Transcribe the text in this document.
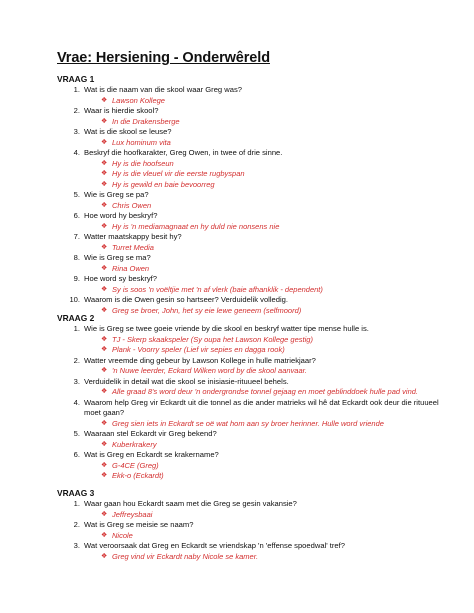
Vrae: Hersiening - Onderwêreld
VRAAG 1
1. Wat is die naam van die skool waar Greg was?
❖ Lawson Kollege
2. Waar is hierdie skool?
❖ In die Drakensberge
3. Wat is die skool se leuse?
❖ Lux hominum vita
4. Beskryf die hoofkarakter, Greg Owen, in twee of drie sinne.
❖ Hy is die hoofseun
❖ Hy is die vleuel vir die eerste rugbyspan
❖ Hy is gewild en baie bevoorreg
5. Wie is Greg se pa?
❖ Chris Owen
6. Hoe word hy beskryf?
❖ Hy is 'n mediamagnaat en hy duld nie nonsens nie
7. Watter maatskappy besit hy?
❖ Turret Media
8. Wie is Greg se ma?
❖ Rina Owen
9. Hoe word sy beskryf?
❖ Sy is soos 'n voëltjie met 'n af vlerk (baie afhanklik - dependent)
10. Waarom is die Owen gesin so hartseer? Verduidelik volledig.
❖ Greg se broer, John, het sy eie lewe geneem (selfmoord)
VRAAG 2
1. Wie is Greg se twee goeie vriende by die skool en beskryf watter tipe mense hulle is.
❖ TJ - Skerp skaakspeler (Sy oupa het Lawson Kollege gestig)
❖ Plank - Voorry speler (Lief vir sepies en dagga rook)
2. Watter vreemde ding gebeur by Lawson Kollege in hulle matriekjaar?
❖ 'n Nuwe leerder, Eckard Wilken word by die skool aanvaar.
3. Verduidelik in detail wat die skool se inisiasie-rituueel behels.
❖ Alle graad 8's word deur 'n ondergrondse tonnel gejaag en moet geblinddoek hulle pad vind.
4. Waarom help Greg vir Eckardt uit die tonnel as die ander matrieks wil hê dat Eckardt ook deur die rituueel moet gaan?
❖ Greg sien iets in Eckardt se oë wat hom aan sy broer herinner. Hulle word vriende
5. Waaraan stel Eckardt vir Greg bekend?
❖ Kuberkrakery
6. Wat is Greg en Eckardt se krakername?
❖ G-4CE (Greg)
❖ Ekk-o (Eckardt)
VRAAG 3
1. Waar gaan hou Eckardt saam met die Greg se gesin vakansie?
❖ Jeffreysbaai
2. Wat is Greg se meisie se naam?
❖ Nicole
3. Wat veroorsaak dat Greg en Eckardt se vriendskap 'n 'effense spoedwal' tref?
❖ Greg vind vir Eckardt naby Nicole se kamer.
